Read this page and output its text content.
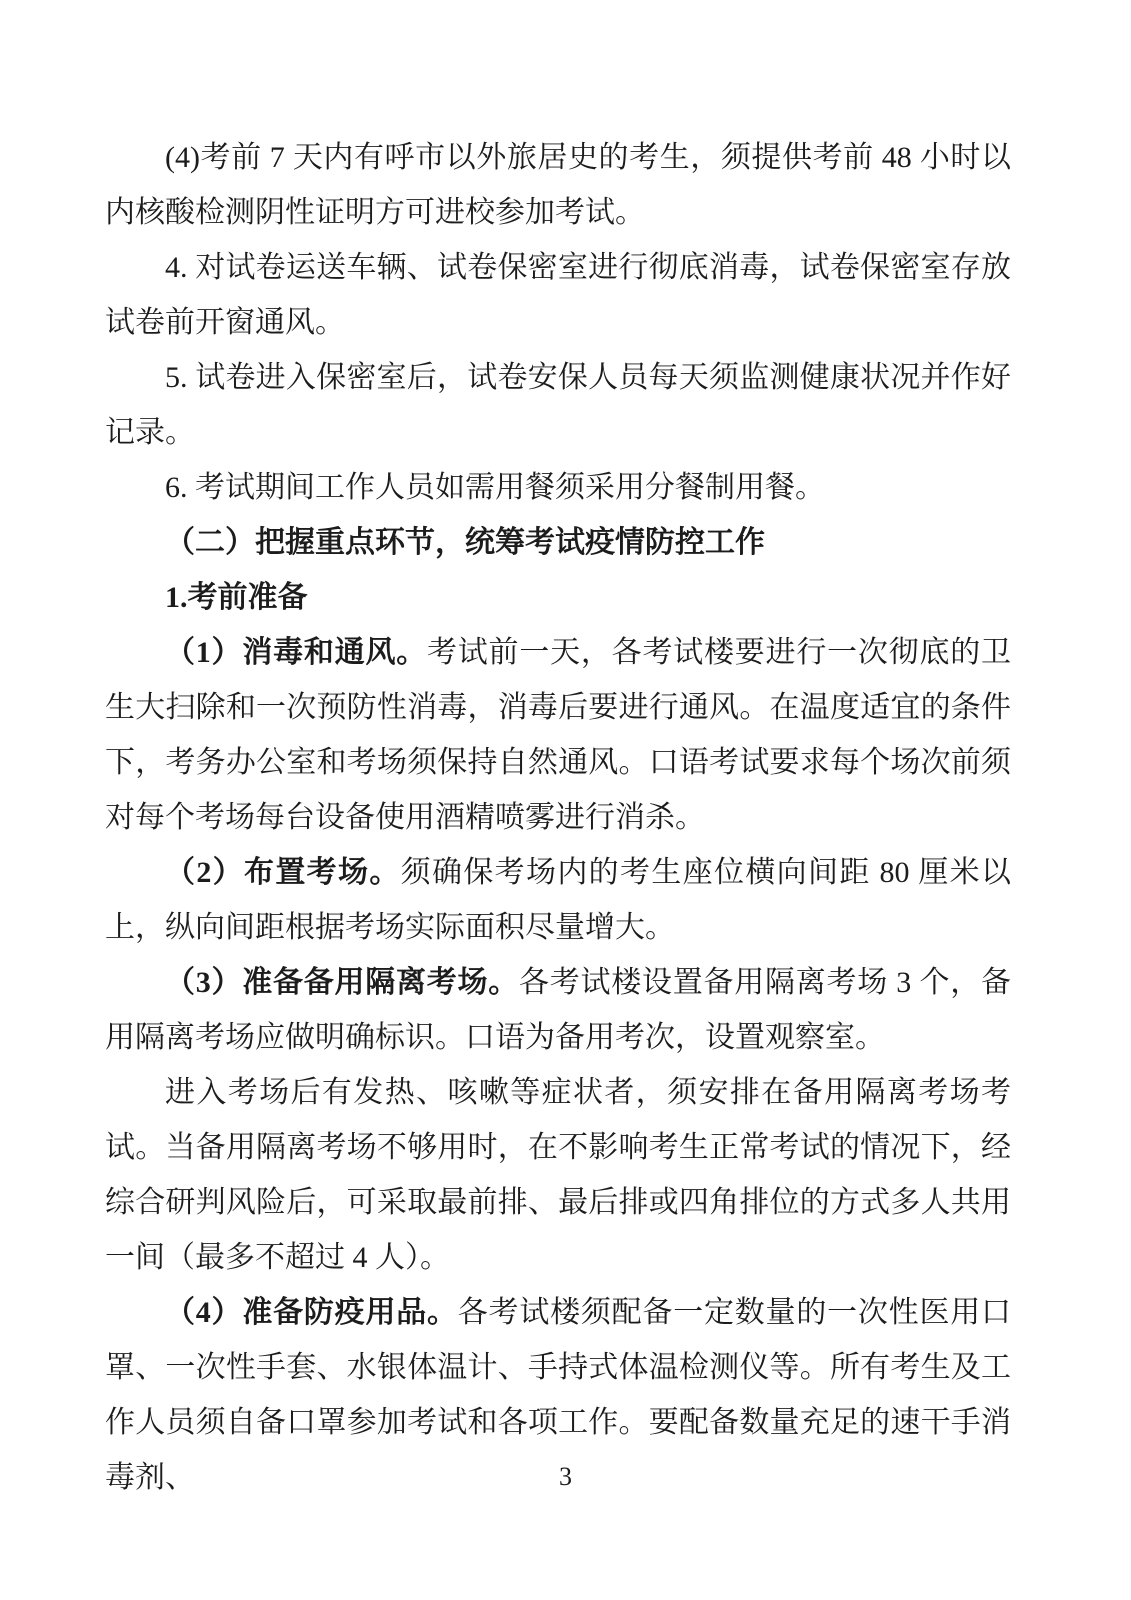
(4)考前 7 天内有呼市以外旅居史的考生，须提供考前 48 小时以内核酸检测阴性证明方可进校参加考试。

4. 对试卷运送车辆、试卷保密室进行彻底消毒，试卷保密室存放试卷前开窗通风。

5. 试卷进入保密室后，试卷安保人员每天须监测健康状况并作好记录。

6. 考试期间工作人员如需用餐须采用分餐制用餐。

（二）把握重点环节，统筹考试疫情防控工作

1.考前准备

（1）消毒和通风。考试前一天，各考试楼要进行一次彻底的卫生大扫除和一次预防性消毒，消毒后要进行通风。在温度适宜的条件下，考务办公室和考场须保持自然通风。口语考试要求每个场次前须对每个考场每台设备使用酒精喷雾进行消杀。

（2）布置考场。须确保考场内的考生座位横向间距 80 厘米以上，纵向间距根据考场实际面积尽量增大。

（3）准备备用隔离考场。各考试楼设置备用隔离考场 3 个，备用隔离考场应做明确标识。口语为备用考次，设置观察室。

进入考场后有发热、咳嗽等症状者，须安排在备用隔离考场考试。当备用隔离考场不够用时，在不影响考生正常考试的情况下，经综合研判风险后，可采取最前排、最后排或四角排位的方式多人共用一间（最多不超过 4 人）。

（4）准备防疫用品。各考试楼须配备一定数量的一次性医用口罩、一次性手套、水银体温计、手持式体温检测仪等。所有考生及工作人员须自备口罩参加考试和各项工作。要配备数量充足的速干手消毒剂、	3
